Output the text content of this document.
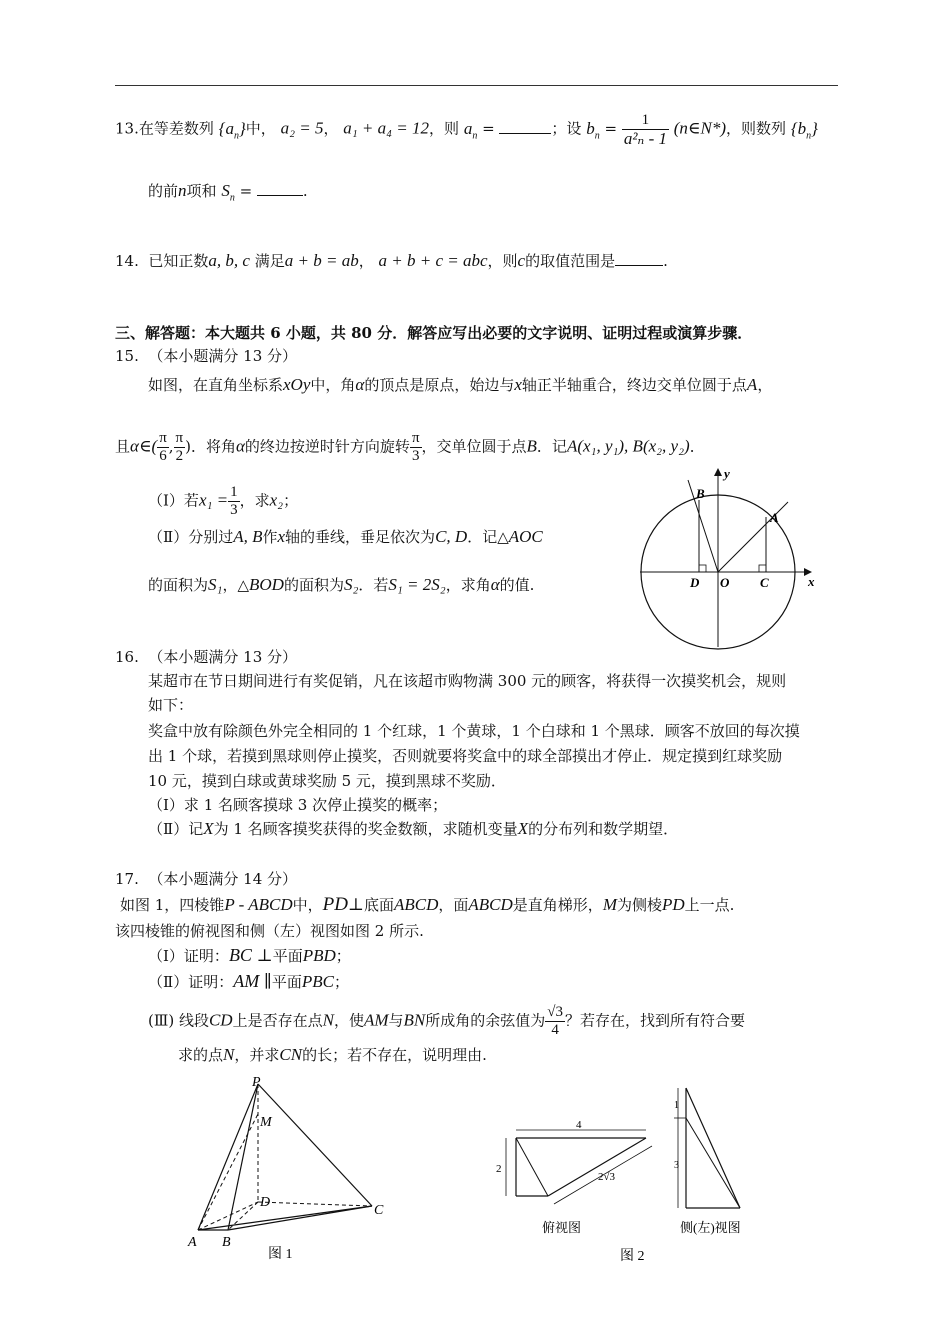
13.在等差数列 $\{a_n\}$中， a₂ = 5， a₁ + a₄ = 12，则 $a_n$ =	；设 $b_n = \frac{1}{\text{a²ₙ - 1}}$ (n∈N*)，则数列 $\{b_n\}$
的前n项和 $S_n$ =	.
14. 已知正数a, b, c 满足a + b = ab， a + b + c = abc，则c的取值范围是	.
三、解答题：本大题共 6 小题，共 80 分．解答应写出必要的文字说明、证明过程或演算步骤．
15. （本小题满分 13 分）
如图，在直角坐标系xOy中，角α的顶点是原点，始边与x轴正半轴重合，终边交单位圆于点A，
且α∈( $\frac{\pi}{6}$ , $\frac{\pi}{2}$ )．将角α的终边按逆时针方向旋转 $\frac{\pi}{3}$ ，交单位圆于点B．记A(x₁, y₁), B(x₂, y₂)．
（Ⅰ）若$x_1 = \frac{1}{3}$ ，求x₂；
（Ⅱ）分别过A, B作x轴的垂线，垂足依次为C, D．记△AOC
的面积为S₁，△BOD的面积为S₂．若S₁ = 2S₂，求角α的值.
y
B
A
D O C	x
16. （本小题满分 13 分）
某超市在节日期间进行有奖促销，凡在该超市购物满 300 元的顾客，将获得一次摸奖机会，规则
如下：
奖盒中放有除颜色外完全相同的 1 个红球，1 个黄球，1 个白球和 1 个黑球．顾客不放回的每次摸
出 1 个球，若摸到黑球则停止摸奖，否则就要将奖盒中的球全部摸出才停止．规定摸到红球奖励
10 元，摸到白球或黄球奖励 5 元，摸到黑球不奖励．
（Ⅰ）求 1 名顾客摸球 3 次停止摸奖的概率；
（Ⅱ）记X为 1 名顾客摸奖获得的奖金数额，求随机变量X的分布列和数学期望．
17. （本小题满分 14 分）
如图 1，四棱锥P - ABCD中，PD⊥底面ABCD，面ABCD是直角梯形，M为侧棱PD上一点.
该四棱锥的俯视图和侧（左）视图如图 2 所示.
（Ⅰ）证明：BC ⊥平面PBD；
（Ⅱ）证明：AM ∥平面PBC；
(Ⅲ) 线段CD上是否存在点N，使AM与BN所成角的余弦值为 $\frac{√3}{4}$ ？若存在，找到所有符合要
求的点N，并求CN的长；若不存在，说明理由.
P
M
D
C
A B
图 1
4
2
2√3
俯视图
1
3
侧(左)视图
图 2
